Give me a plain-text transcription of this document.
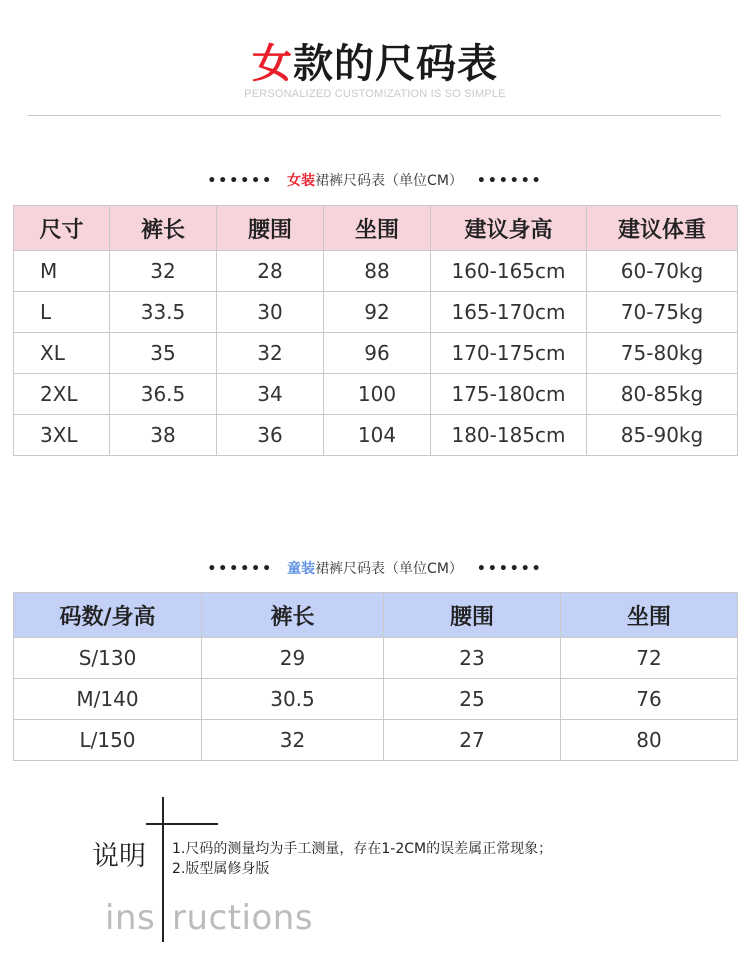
女款的尺码表
PERSONALIZED CUSTOMIZATION IS SO SIMPLE
•••••• 女装裙裤尺码表（单位CM） ••••••
尺寸	裤长	腰围	坐围	建议身高	建议体重
M	32	28	88	160-165cm	60-70kg
L	33.5	30	92	165-170cm	70-75kg
XL	35	32	96	170-175cm	75-80kg
2XL	36.5	34	100	175-180cm	80-85kg
3XL	38	36	104	180-185cm	85-90kg
•••••• 童装裙裤尺码表（单位CM） ••••••
码数/身高	裤长	腰围	坐围
S/130	29	23	72
M/140	30.5	25	76
L/150	32	27	80
说明 1.尺码的测量均为手工测量，存在1-2CM的误差属正常现象；
2.版型属修身版
ins ructions
